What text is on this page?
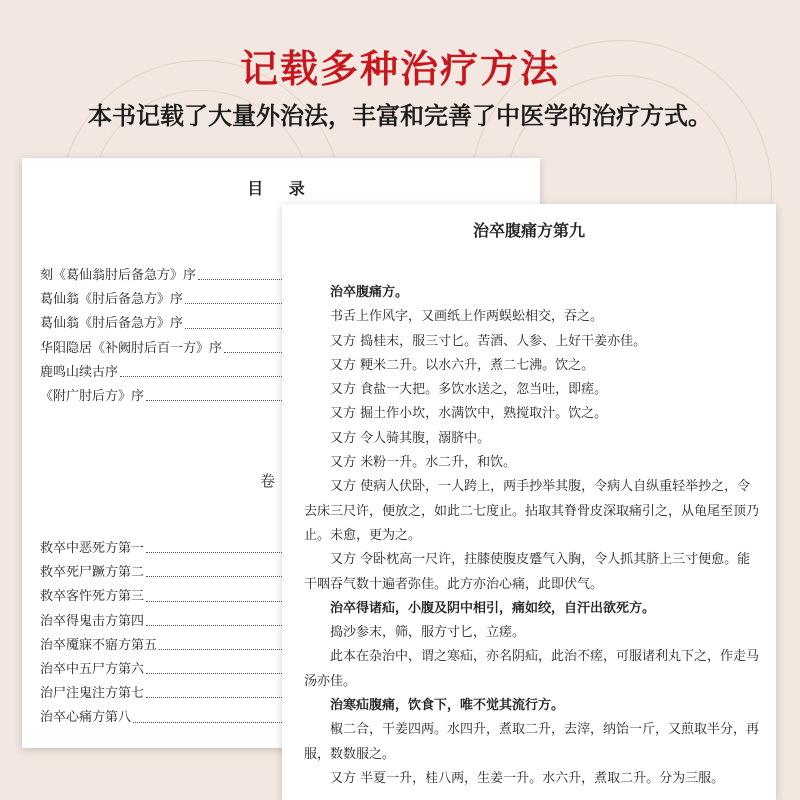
记载多种治疗方法
本书记载了大量外治法，丰富和完善了中医学的治疗方式。
目 录
刻《葛仙翁肘后备急方》序
葛仙翁《肘后备急方》序
葛仙翁《肘后备急方》序
华阳隐居《补阙肘后百一方》序
鹿鸣山续古序
《附广肘后方》序
卷
救卒中恶死方第一
救卒死尸蹶方第二
救卒客忤死方第三
治卒得鬼击方第四
治卒魇寐不寤方第五
治卒中五尸方第六
治尸注鬼注方第七
治卒心痛方第八
治卒腹痛方第九

治卒腹痛方。

书舌上作风字，又画纸上作两蜈蚣相交，吞之。

又方 捣桂末，服三寸匕。苦酒、人参、上好干姜亦佳。

又方 粳米二升。以水六升，煮二七沸。饮之。

又方 食盐一大把。多饮水送之，忽当吐，即瘥。

又方 掘土作小坎，水满饮中，熟搅取汁。饮之。

又方 令人骑其腹，溺脐中。

又方 米粉一升。水二升，和饮。

又方 使病人伏卧，一人跨上，两手抄举其腹，令病人自纵重轻举抄之，令去床三尺许，便放之，如此二七度止。拈取其脊骨皮深取痛引之，从龟尾至顶乃止。未愈，更为之。

又方 令卧枕高一尺许，拄膝使腹皮蹙气入胸，令人抓其脐上三寸便愈。能干咽吞气数十遍者弥佳。此方亦治心痛，此即伏气。

治卒得诸疝，小腹及阴中相引，痛如绞，自汗出欲死方。

捣沙参末，筛，服方寸匕，立瘥。

此本在杂治中，谓之寒疝，亦名阴疝，此治不瘥，可服诸利丸下之，作走马汤亦佳。

治寒疝腹痛，饮食下，唯不觉其流行方。

椒二合，干姜四两。水四升，煮取二升，去滓，纳饴一斤，又煎取半分，再服，数数服之。

又方 半夏一升，桂八两，生姜一升。水六升，煮取二升。分为三服。
